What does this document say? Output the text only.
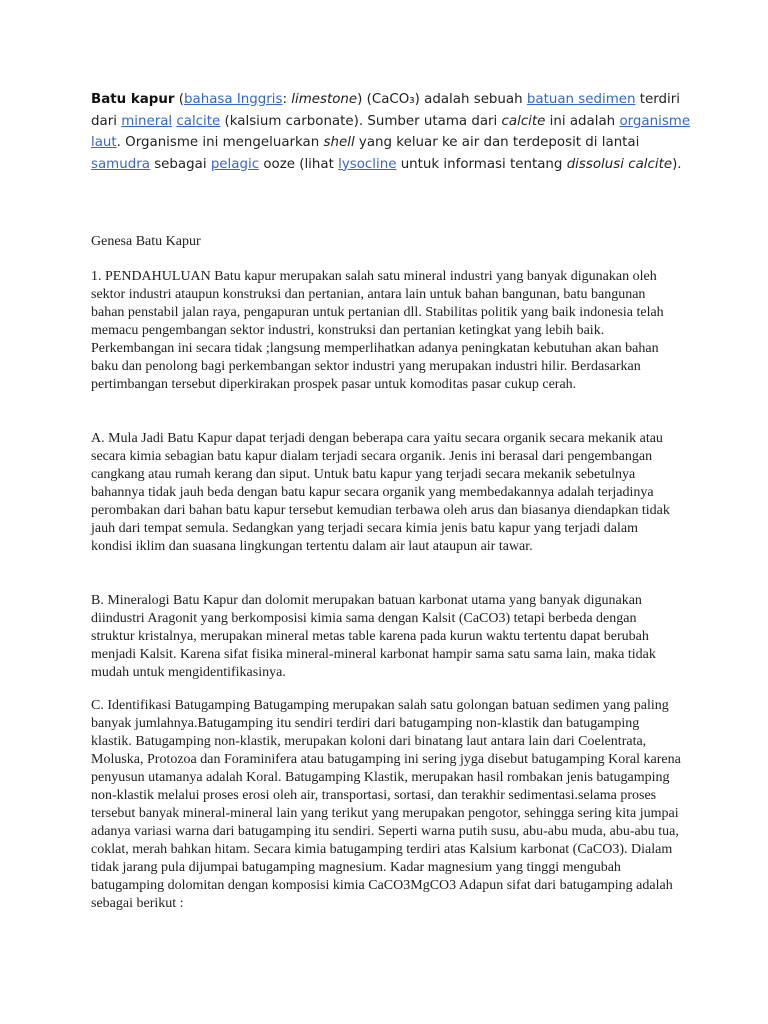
Batu kapur (bahasa Inggris: limestone) (CaCO₃) adalah sebuah batuan sedimen terdiri dari mineral calcite (kalsium carbonate). Sumber utama dari calcite ini adalah organisme laut. Organisme ini mengeluarkan shell yang keluar ke air dan terdeposit di lantai samudra sebagai pelagic ooze (lihat lysocline untuk informasi tentang dissolusi calcite).

Genesa Batu Kapur

1. PENDAHULUAN Batu kapur merupakan salah satu mineral industri yang banyak digunakan oleh sektor industri ataupun konstruksi dan pertanian, antara lain untuk bahan bangunan, batu bangunan bahan penstabil jalan raya, pengapuran untuk pertanian dll. Stabilitas politik yang baik indonesia telah memacu pengembangan sektor industri, konstruksi dan pertanian ketingkat yang lebih baik. Perkembangan ini secara tidak ;langsung memperlihatkan adanya peningkatan kebutuhan akan bahan baku dan penolong bagi perkembangan sektor industri yang merupakan industri hilir. Berdasarkan pertimbangan tersebut diperkirakan prospek pasar untuk komoditas pasar cukup cerah.

A. Mula Jadi Batu Kapur dapat terjadi dengan beberapa cara yaitu secara organik secara mekanik atau secara kimia sebagian batu kapur dialam terjadi secara organik. Jenis ini berasal dari pengembangan cangkang atau rumah kerang dan siput. Untuk batu kapur yang terjadi secara mekanik sebetulnya bahannya tidak jauh beda dengan batu kapur secara organik yang membedakannya adalah terjadinya perombakan dari bahan batu kapur tersebut kemudian terbawa oleh arus dan biasanya diendapkan tidak jauh dari tempat semula. Sedangkan yang terjadi secara kimia jenis batu kapur yang terjadi dalam kondisi iklim dan suasana lingkungan tertentu dalam air laut ataupun air tawar.

B. Mineralogi Batu Kapur dan dolomit merupakan batuan karbonat utama yang banyak digunakan diindustri Aragonit yang berkomposisi kimia sama dengan Kalsit (CaCO3) tetapi berbeda dengan struktur kristalnya, merupakan mineral metas table karena pada kurun waktu tertentu dapat berubah menjadi Kalsit. Karena sifat fisika mineral-mineral karbonat hampir sama satu sama lain, maka tidak mudah untuk mengidentifikasinya.

C. Identifikasi Batugamping Batugamping merupakan salah satu golongan batuan sedimen yang paling banyak jumlahnya.Batugamping itu sendiri terdiri dari batugamping non-klastik dan batugamping klastik. Batugamping non-klastik, merupakan koloni dari binatang laut antara lain dari Coelentrata, Moluska, Protozoa dan Foraminifera atau batugamping ini sering jyga disebut batugamping Koral karena penyusun utamanya adalah Koral. Batugamping Klastik, merupakan hasil rombakan jenis batugamping non-klastik melalui proses erosi oleh air, transportasi, sortasi, dan terakhir sedimentasi.selama proses tersebut banyak mineral-mineral lain yang terikut yang merupakan pengotor, sehingga sering kita jumpai adanya variasi warna dari batugamping itu sendiri. Seperti warna putih susu, abu-abu muda, abu-abu tua, coklat, merah bahkan hitam. Secara kimia batugamping terdiri atas Kalsium karbonat (CaCO3). Dialam tidak jarang pula dijumpai batugamping magnesium. Kadar magnesium yang tinggi mengubah batugamping dolomitan dengan komposisi kimia CaCO3MgCO3 Adapun sifat dari batugamping adalah sebagai berikut :
